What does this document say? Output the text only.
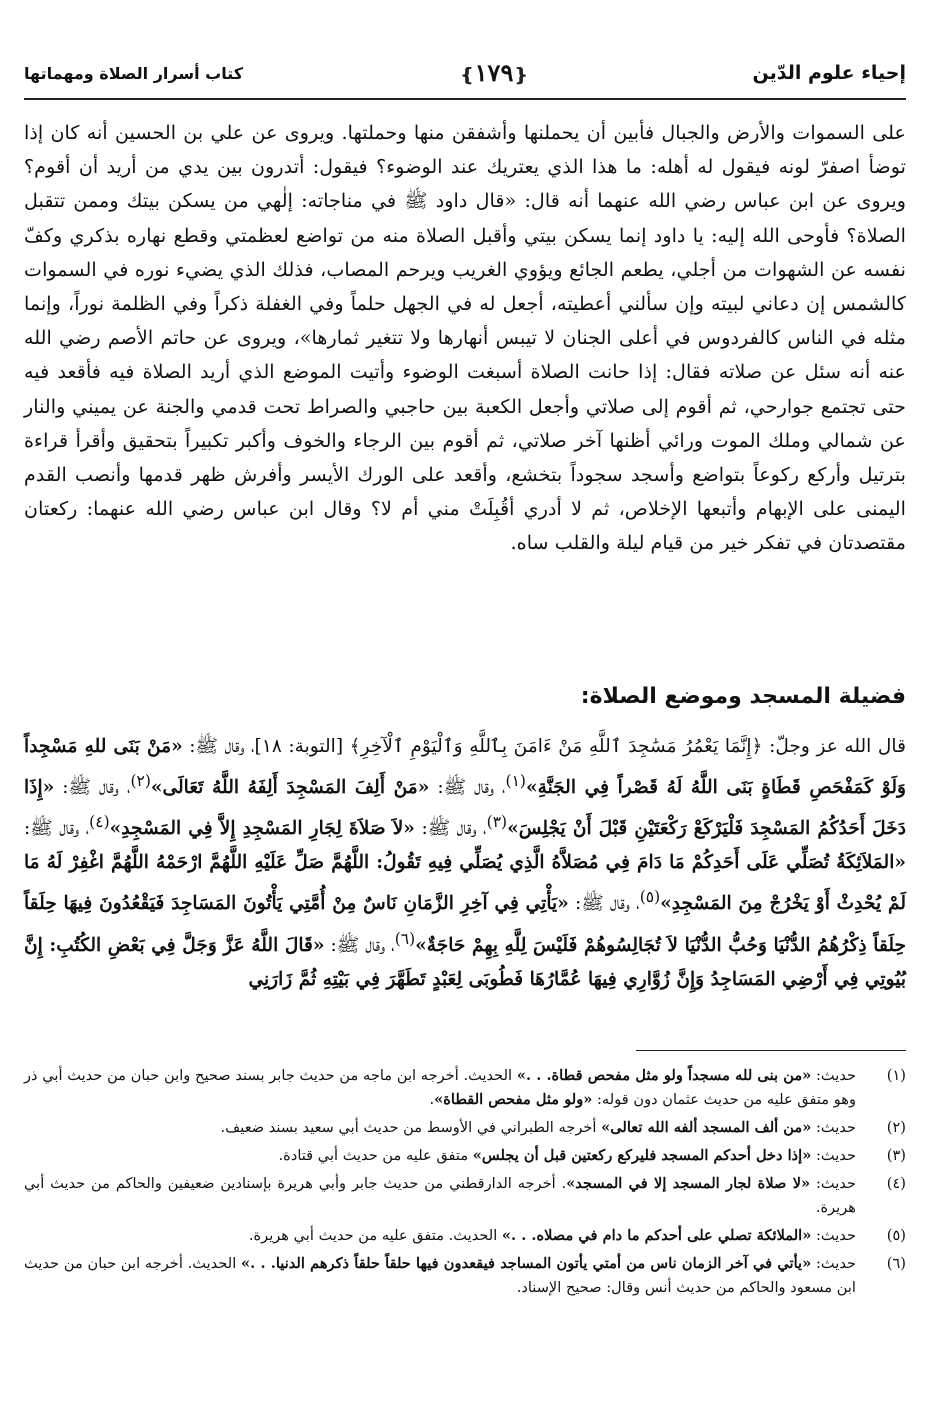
إحياء علوم الدّين
❴١٧٩❵
كتاب أسرار الصلاة ومهماتها

على السموات والأرض والجبال فأبين أن يحملنها وأشفقن منها وحملتها. ويروى عن علي بن الحسين أنه كان إذا توضأ اصفرّ لونه فيقول له أهله: ما هذا الذي يعتريك عند الوضوء؟ فيقول: أتدرون بين يدي من أريد أن أقوم؟ ويروى عن ابن عباس رضي الله عنهما أنه قال: «قال داود ﷺ في مناجاته: إلٰهي من يسكن بيتك وممن تتقبل الصلاة؟ فأوحى الله إليه: يا داود إنما يسكن بيتي وأقبل الصلاة منه من تواضع لعظمتي وقطع نهاره بذكري وكفّ نفسه عن الشهوات من أجلي، يطعم الجائع ويؤوي الغريب ويرحم المصاب، فذلك الذي يضيء نوره في السموات كالشمس إن دعاني لبيته وإن سألني أعطيته، أجعل له في الجهل حلماً وفي الغفلة ذكراً وفي الظلمة نوراً، وإنما مثله في الناس كالفردوس في أعلى الجنان لا تيبس أنهارها ولا تتغير ثمارها»، ويروى عن حاتم الأصم رضي الله عنه أنه سئل عن صلاته فقال: إذا حانت الصلاة أسبغت الوضوء وأتيت الموضع الذي أريد الصلاة فيه فأقعد فيه حتى تجتمع جوارحي، ثم أقوم إلى صلاتي وأجعل الكعبة بين حاجبي والصراط تحت قدمي والجنة عن يميني والنار عن شمالي وملك الموت ورائي أظنها آخر صلاتي، ثم أقوم بين الرجاء والخوف وأكبر تكبيراً بتحقيق وأقرأ قراءة بترتيل وأركع ركوعاً بتواضع وأسجد سجوداً بتخشع، وأقعد على الورك الأيسر وأفرش ظهر قدمها وأنصب القدم اليمنى على الإبهام وأتبعها الإخلاص، ثم لا أدري أقُبِلَتْ مني أم لا؟ وقال ابن عباس رضي الله عنهما: ركعتان مقتصدتان في تفكر خير من قيام ليلة والقلب ساه.

فضيلة المسجد وموضع الصلاة:
قال الله عز وجلّ: ﴿إِنَّمَا يَعْمُرُ مَسَٰجِدَ ٱللَّهِ مَنْ ءَامَنَ بِٱللَّهِ وَٱلْيَوْمِ ٱلْآخِرِ﴾ [التوبة: ١٨]، وقال ﷺ: «مَنْ بَنَى للهِ مَسْجِداً وَلَوْ كَمَفْحَصِ قَطَاةٍ بَنَى اللَّهُ لَهُ قَصْراً فِي الجَنَّةِ»$^{(١)}$، وقال ﷺ: «مَنْ أَلِفَ المَسْجِدَ أَلِفَهُ اللَّهُ تَعَالَى»$^{(٢)}$، وقال ﷺ: «إِذَا دَخَلَ أَحَدُكُمُ المَسْجِدَ فَلْيَرْكَعْ رَكْعَتَيْنِ قَبْلَ أَنْ يَجْلِسَ»$^{(٣)}$، وقال ﷺ: «لاَ صَلاَةَ لِجَارِ المَسْجِدِ إِلاَّ فِي المَسْجِدِ»$^{(٤)}$، وقال ﷺ: «المَلاَئِكَةُ تُصَلِّي عَلَى أَحَدِكُمْ مَا دَامَ فِي مُصَلاَّهُ الَّذِي يُصَلِّي فِيهِ تَقُولُ: اللَّهُمَّ صَلِّ عَلَيْهِ اللَّهُمَّ ارْحَمْهُ اللَّهُمَّ اغْفِرْ لَهُ مَا لَمْ يُحْدِثْ أَوْ يَخْرُجْ مِنَ المَسْجِدِ»$^{(٥)}$، وقال ﷺ: «يَأْتِي فِي آخِرِ الزَّمَانِ نَاسٌ مِنْ أُمَّتِي يَأْتُونَ المَسَاجِدَ فَيَقْعُدُونَ فِيهَا حِلَقاً حِلَقاً ذِكْرُهُمُ الدُّنْيَا وَحُبُّ الدُّنْيَا لاَ تُجَالِسُوهُمْ فَلَيْسَ لِلَّهِ بِهِمْ حَاجَةٌ»$^{(٦)}$، وقال ﷺ: «قَالَ اللَّهُ عَزَّ وَجَلَّ فِي بَعْضِ الكُتُبِ: إِنَّ بُيُوتِي فِي أَرْضِي المَسَاجِدُ وَإِنَّ زُوَّارِي فِيهَا عُمَّارُهَا فَطُوبَى لِعَبْدٍ تَطَهَّرَ فِي بَيْتِهِ ثُمَّ زَارَنِي
(١)
حديث: «من بنى لله مسجداً ولو مثل مفحص قطاة. . .» الحديث. أخرجه ابن ماجه من حديث جابر بسند صحيح وابن حبان من حديث أبي ذر وهو متفق عليه من حديث عثمان دون قوله: «ولو مثل مفحص القطاة».
(٢)
حديث: «من ألف المسجد ألفه الله تعالى» أخرجه الطبراني في الأوسط من حديث أبي سعيد بسند ضعيف.
(٣)
حديث: «إذا دخل أحدكم المسجد فليركع ركعتين قبل أن يجلس» متفق عليه من حديث أبي قتادة.
(٤)
حديث: «لا صلاة لجار المسجد إلا في المسجد». أخرجه الدارقطني من حديث جابر وأبي هريرة بإسنادين ضعيفين والحاكم من حديث أبي هريرة.
(٥)
حديث: «الملائكة تصلي على أحدكم ما دام في مصلاه. . .» الحديث. متفق عليه من حديث أبي هريرة.
(٦)
حديث: «يأتي في آخر الزمان ناس من أمتي يأتون المساجد فيقعدون فيها حلقاً حلقاً ذكرهم الدنيا. . .» الحديث. أخرجه ابن حبان من حديث ابن مسعود والحاكم من حديث أنس وقال: صحيح الإسناد.
